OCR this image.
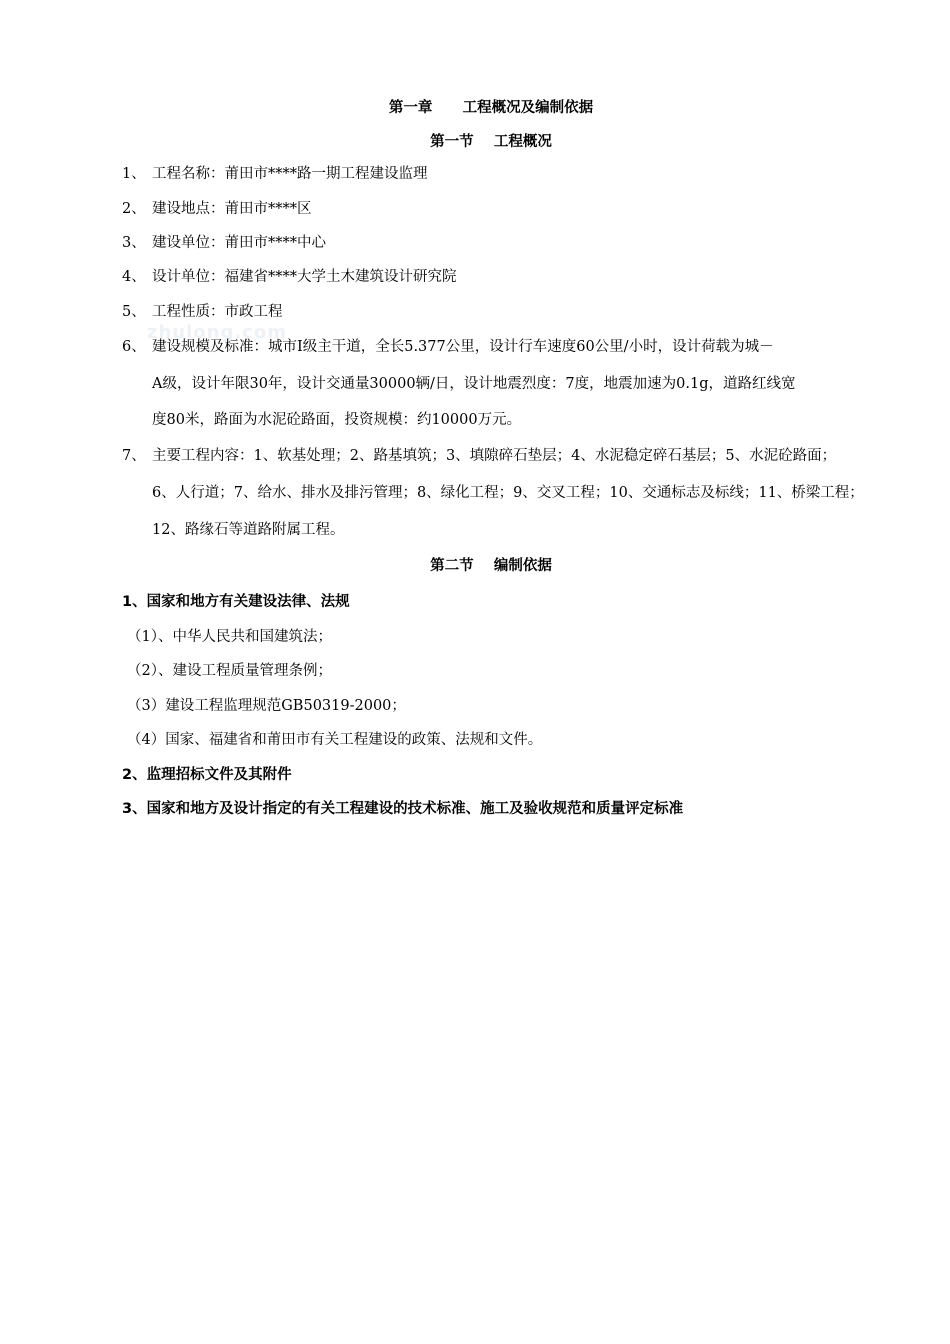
zhulong.com
第一章      工程概况及编制依据
第一节    工程概况
1、 工程名称：莆田市****路一期工程建设监理
2、 建设地点：莆田市****区
3、 建设单位：莆田市****中心
4、 设计单位：福建省****大学土木建筑设计研究院
5、 工程性质：市政工程
6、 建设规模及标准：城市Ⅰ级主干道，全长5.377公里，设计行车速度60公里/小时，设计荷载为城－
A级，设计年限30年，设计交通量30000辆/日，设计地震烈度：7度，地震加速为0.1g，道路红线宽
度80米，路面为水泥砼路面，投资规模：约10000万元。
7、 主要工程内容：1、软基处理；2、路基填筑；3、填隙碎石垫层；4、水泥稳定碎石基层；5、水泥砼路面；
6、人行道；7、给水、排水及排污管理；8、绿化工程；9、交叉工程；10、交通标志及标线；11、桥梁工程；
12、路缘石等道路附属工程。
第二节    编制依据
1、国家和地方有关建设法律、法规
（1）、中华人民共和国建筑法；
（2）、建设工程质量管理条例；
（3）建设工程监理规范GB50319-2000；
（4）国家、福建省和莆田市有关工程建设的政策、法规和文件。
2、监理招标文件及其附件
3、国家和地方及设计指定的有关工程建设的技术标准、施工及验收规范和质量评定标准
